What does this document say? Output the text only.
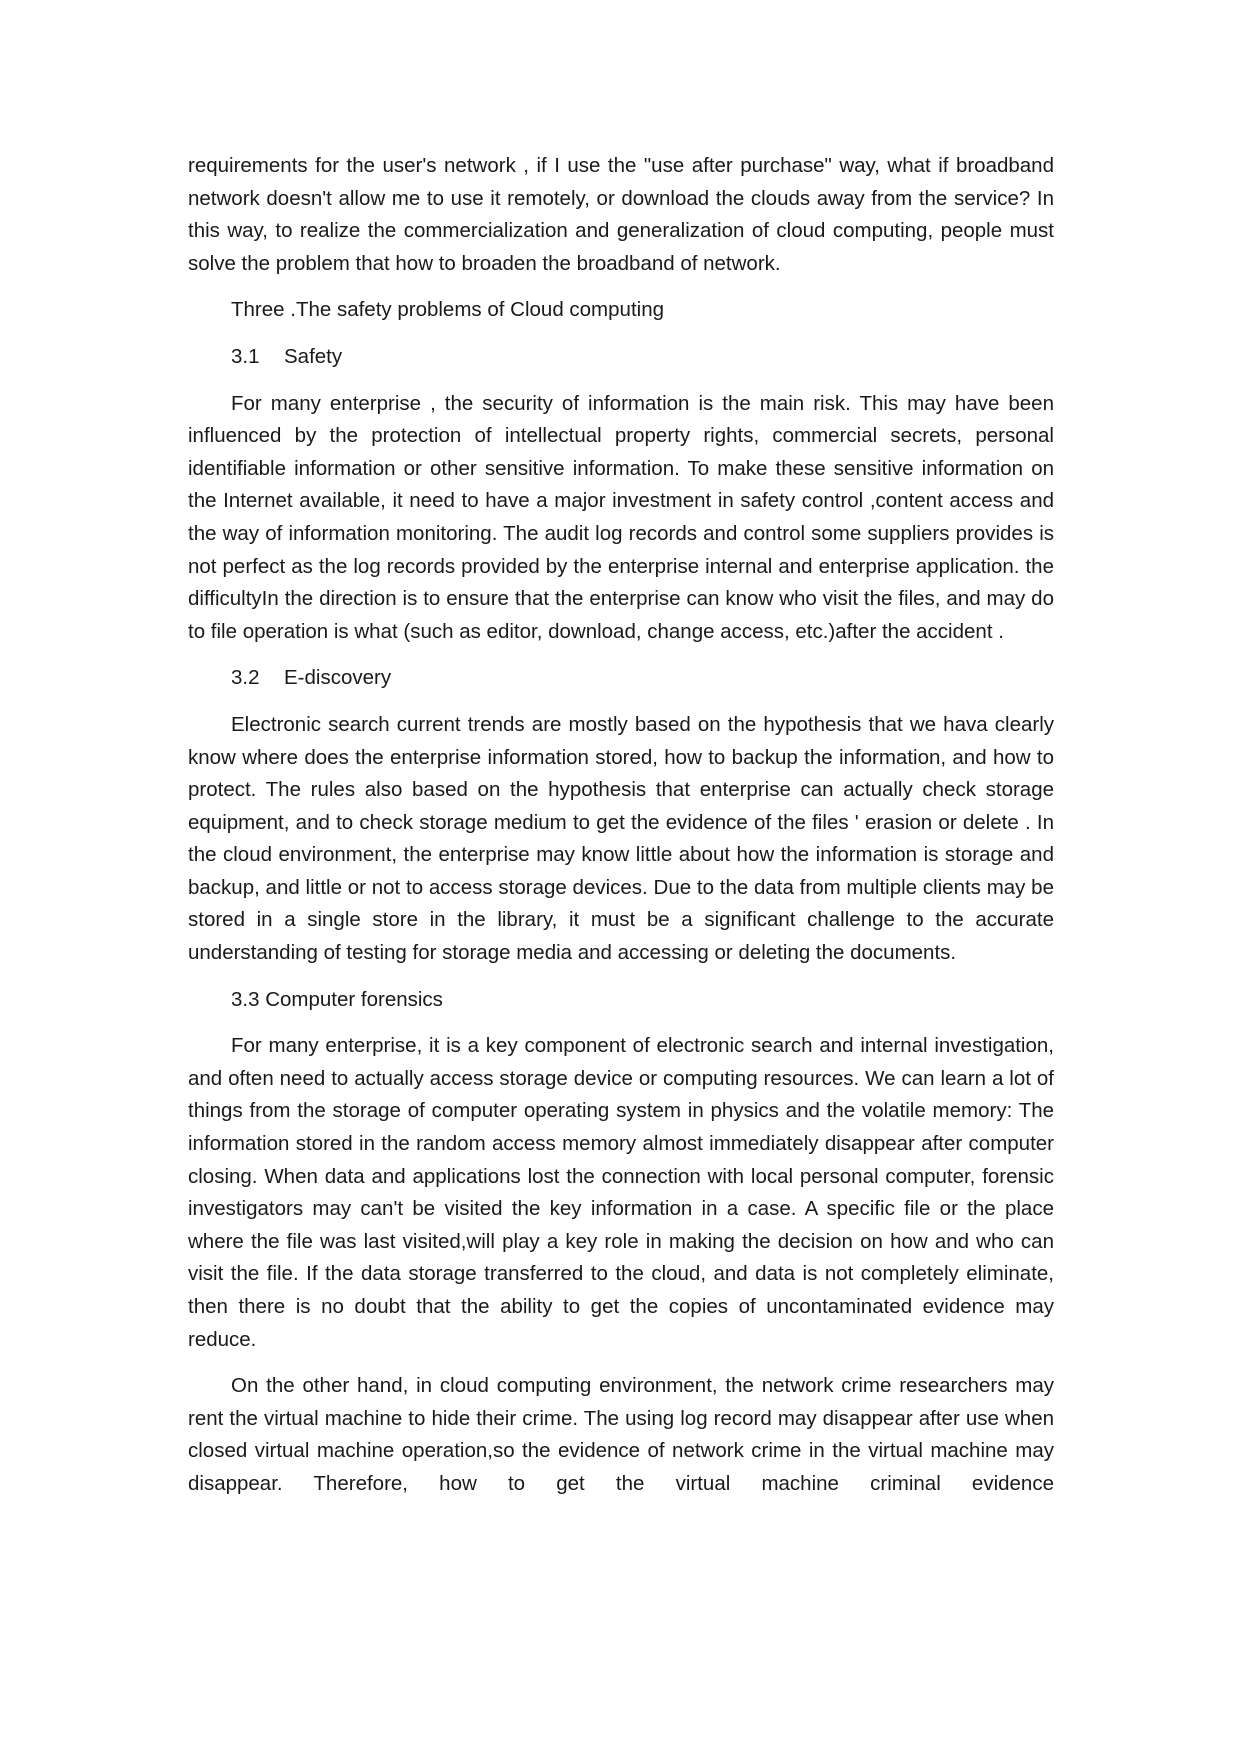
requirements for the user's network , if I use the "use after purchase" way, what if broadband network doesn't allow me to use it remotely, or download the clouds away from the service? In this way, to realize the commercialization and generalization of cloud computing, people must solve the problem that how to broaden the broadband of network.

Three .The safety problems of Cloud computing

3.1 Safety

For many enterprise , the security of information is the main risk. This may have been influenced by the protection of intellectual property rights, commercial secrets, personal identifiable information or other sensitive information. To make these sensitive information on the Internet available, it need to have a major investment in safety control ,content access and the way of information monitoring. The audit log records and control some suppliers provides is not perfect as the log records provided by the enterprise internal and enterprise application. the difficultyIn the direction is to ensure that the enterprise can know who visit the files, and may do to file operation is what (such as editor, download, change access, etc.)after the accident .

3.2 E-discovery

Electronic search current trends are mostly based on the hypothesis that we hava clearly know where does the enterprise information stored, how to backup the information, and how to protect. The rules also based on the hypothesis that enterprise can actually check storage equipment, and to check storage medium to get the evidence of the files ' erasion or delete . In the cloud environment, the enterprise may know little about how the information is storage and backup, and little or not to access storage devices. Due to the data from multiple clients may be stored in a single store in the library, it must be a significant challenge to the accurate understanding of testing for storage media and accessing or deleting the documents.

3.3 Computer forensics

For many enterprise, it is a key component of electronic search and internal investigation, and often need to actually access storage device or computing resources. We can learn a lot of things from the storage of computer operating system in physics and the volatile memory: The information stored in the random access memory almost immediately disappear after computer closing. When data and applications lost the connection with local personal computer, forensic investigators may can't be visited the key information in a case. A specific file or the place where the file was last visited,will play a key role in making the decision on how and who can visit the file. If the data storage transferred to the cloud, and data is not completely eliminate, then there is no doubt that the ability to get the copies of uncontaminated evidence may reduce.

On the other hand, in cloud computing environment, the network crime researchers may rent the virtual machine to hide their crime. The using log record may disappear after use when closed virtual machine operation,so the evidence of network crime in the virtual machine may disappear. Therefore, how to get the virtual machine criminal evidence
